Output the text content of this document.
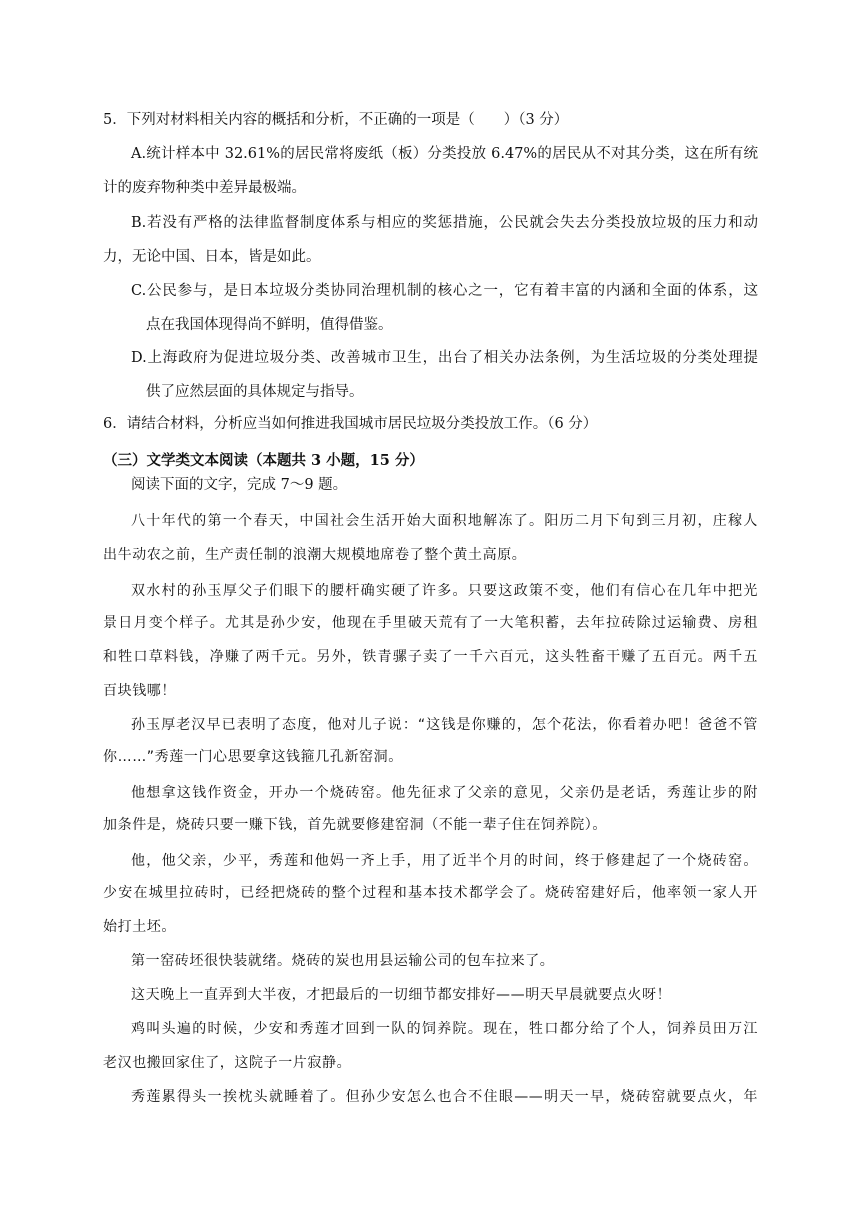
5．下列对材料相关内容的概括和分析，不正确的一项是（　　）（3 分）
A.统计样本中 32.61%的居民常将废纸（板）分类投放 6.47%的居民从不对其分类，这在所有统
计的废弃物种类中差异最极端。
B.若没有严格的法律监督制度体系与相应的奖惩措施，公民就会失去分类投放垃圾的压力和动
力，无论中国、日本，皆是如此。
C.公民参与，是日本垃圾分类协同治理机制的核心之一，它有着丰富的内涵和全面的体系，这
点在我国体现得尚不鲜明，值得借鉴。
D.上海政府为促进垃圾分类、改善城市卫生，出台了相关办法条例，为生活垃圾的分类处理提
供了应然层面的具体规定与指导。
6．请结合材料，分析应当如何推进我国城市居民垃圾分类投放工作。（6 分）
（三）文学类文本阅读（本题共 3 小题，15 分）
阅读下面的文字，完成 7～9 题。
八十年代的第一个春天，中国社会生活开始大面积地解冻了。阳历二月下旬到三月初，庄稼人
出牛动农之前，生产责任制的浪潮大规模地席卷了整个黄土高原。
双水村的孙玉厚父子们眼下的腰杆确实硬了许多。只要这政策不变，他们有信心在几年中把光
景日月变个样子。尤其是孙少安，他现在手里破天荒有了一大笔积蓄，去年拉砖除过运输费、房租
和牲口草料钱，净赚了两千元。另外，铁青骡子卖了一千六百元，这头牲畜干赚了五百元。两千五
百块钱哪！
孙玉厚老汉早已表明了态度，他对儿子说：“这钱是你赚的，怎个花法，你看着办吧！爸爸不管
你……”秀莲一门心思要拿这钱箍几孔新窑洞。
他想拿这钱作资金，开办一个烧砖窑。他先征求了父亲的意见，父亲仍是老话，秀莲让步的附
加条件是，烧砖只要一赚下钱，首先就要修建窑洞（不能一辈子住在饲养院）。
他，他父亲，少平，秀莲和他妈一齐上手，用了近半个月的时间，终于修建起了一个烧砖窑。
少安在城里拉砖时，已经把烧砖的整个过程和基本技术都学会了。烧砖窑建好后，他率领一家人开
始打土坯。
第一窑砖坯很快装就绪。烧砖的炭也用县运输公司的包车拉来了。
这天晚上一直弄到大半夜，才把最后的一切细节都安排好——明天早晨就要点火呀！
鸡叫头遍的时候，少安和秀莲才回到一队的饲养院。现在，牲口都分给了个人，饲养员田万江
老汉也搬回家住了，这院子一片寂静。
秀莲累得头一挨枕头就睡着了。但孙少安怎么也合不住眼——明天一早，烧砖窑就要点火，年
